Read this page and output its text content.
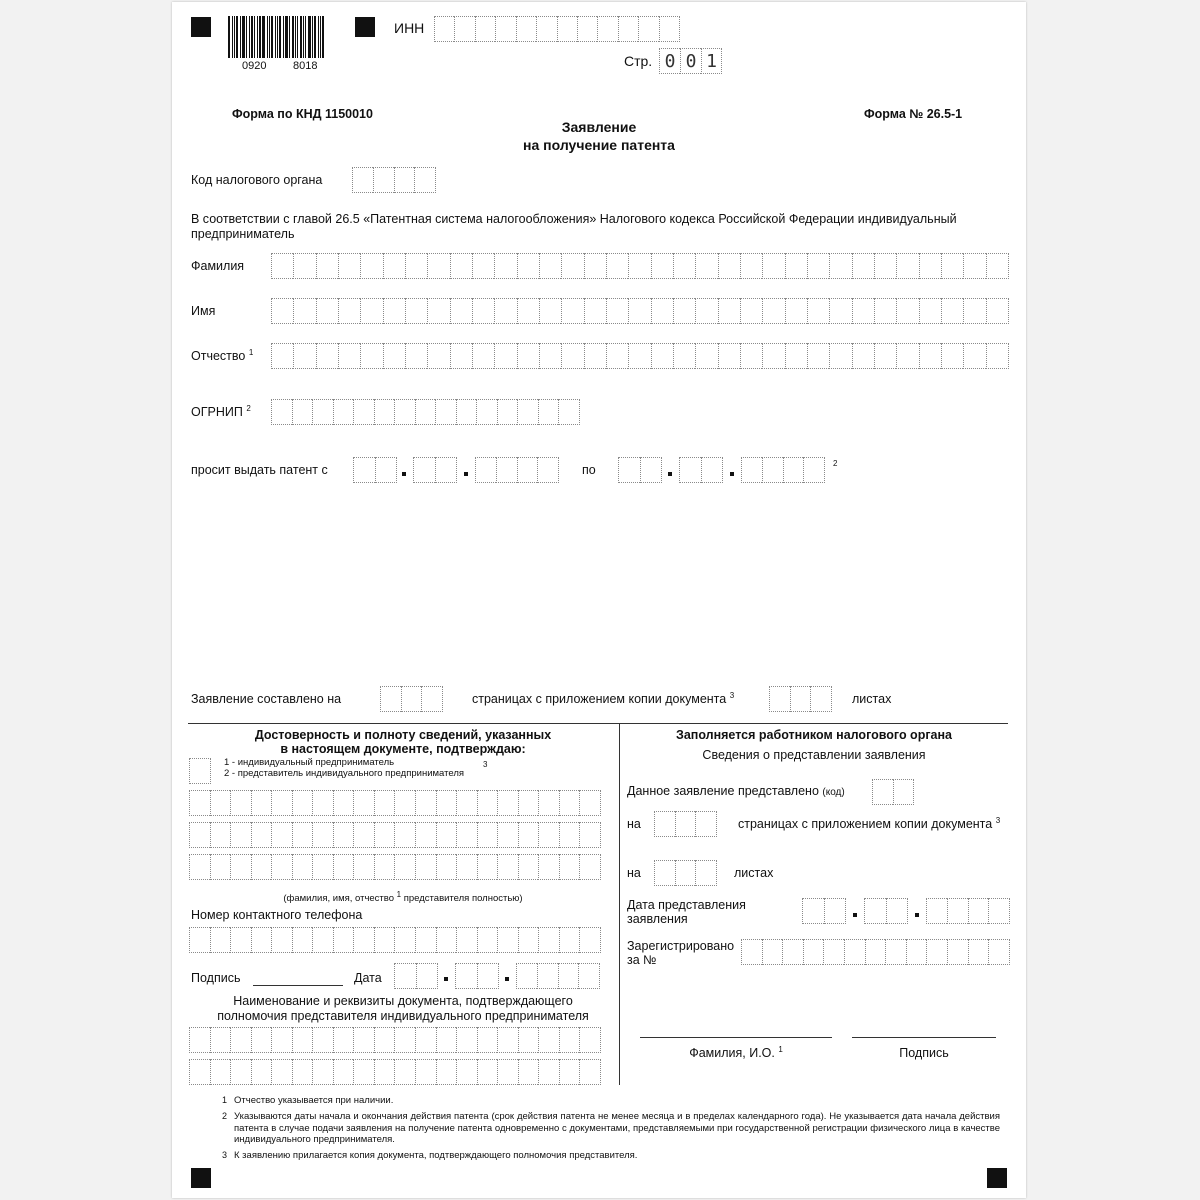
0920 8018
ИНН
Стр. 0 0 1
Форма по КНД 1150010	Форма № 26.5-1
Заявление
на получение патента
Код налогового органа
В соответствии с главой 26.5 «Патентная система налогообложения» Налогового кодекса Российской Федерации индивидуальный предприниматель
Фамилия
Имя
Отчество $^1$
ОГРНИП $^2$
просит выдать патент с	по	2
Заявление составлено на	страницах с приложением копии документа $^3$	листах
Достоверность и полноту сведений, указанных
в настоящем документе, подтверждаю:
1 - индивидуальный предприниматель
2 - представитель индивидуального предпринимателя
3
(фамилия, имя, отчество $^1$ представителя полностью)
Номер контактного телефона
Подпись	Дата
Наименование и реквизиты документа, подтверждающего
полномочия представителя индивидуального предпринимателя
Заполняется работником налогового органа
Сведения о представлении заявления
Данное заявление представлено (код)
на	страницах с приложением копии документа $^3$
на	листах
Дата представления
заявления
Зарегистрировано
за №
Фамилия, И.О. $^1$	Подпись
1 Отчество указывается при наличии.
2 Указываются даты начала и окончания действия патента (срок действия патента не менее месяца и в пределах календарного года). Не указывается дата начала действия патента в случае подачи заявления на получение патента одновременно с документами, представляемыми при государственной регистрации физического лица в качестве индивидуального предпринимателя.
3 К заявлению прилагается копия документа, подтверждающего полномочия представителя.
